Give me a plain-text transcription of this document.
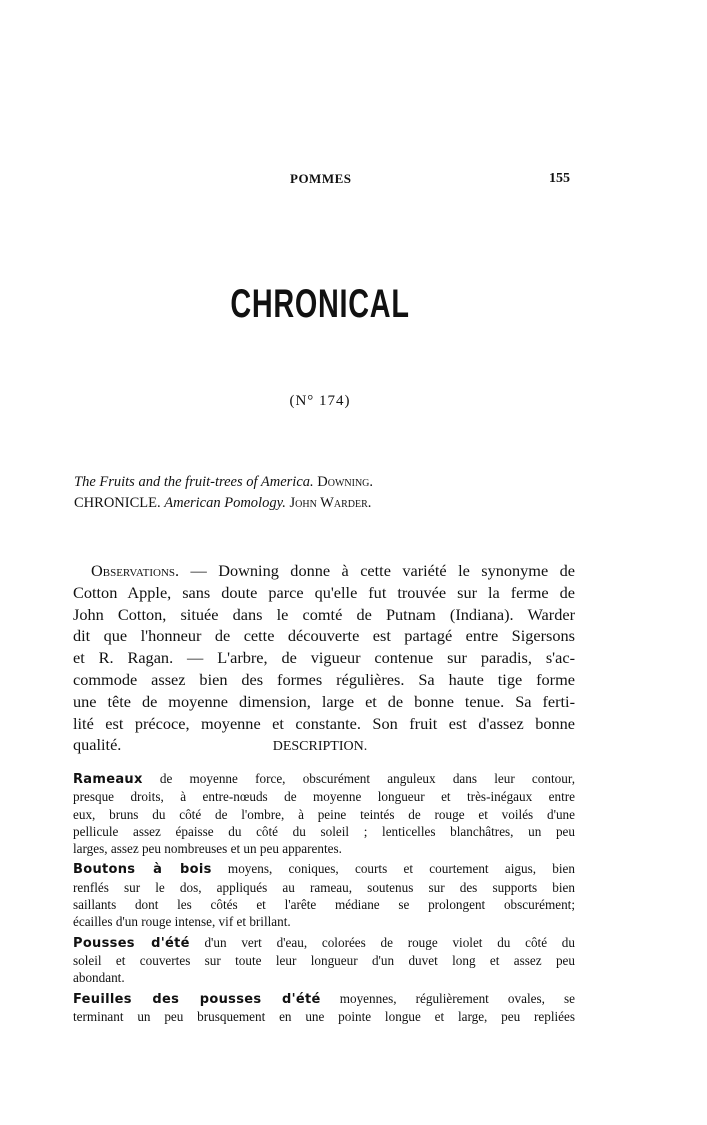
POMMES	155
CHRONICAL
(N° 174)
The Fruits and the fruit-trees of America. Downing.
CHRONICLE. American Pomology. John Warder.
Observations. — Downing donne à cette variété le synonyme de
Cotton Apple, sans doute parce qu'elle fut trouvée sur la ferme de
John Cotton, située dans le comté de Putnam (Indiana). Warder
dit que l'honneur de cette découverte est partagé entre Sigersons
et R. Ragan. — L'arbre, de vigueur contenue sur paradis, s'ac-
commode assez bien des formes régulières. Sa haute tige forme
une tête de moyenne dimension, large et de bonne tenue. Sa ferti-
lité est précoce, moyenne et constante. Son fruit est d'assez bonne
qualité.	DESCRIPTION.
Rameaux de moyenne force, obscurément anguleux dans leur contour,
presque droits, à entre-nœuds de moyenne longueur et très-inégaux entre
eux, bruns du côté de l'ombre, à peine teintés de rouge et voilés d'une
pellicule assez épaisse du côté du soleil ; lenticelles blanchâtres, un peu
larges, assez peu nombreuses et un peu apparentes.
Boutons à bois moyens, coniques, courts et courtement aigus, bien
renflés sur le dos, appliqués au rameau, soutenus sur des supports bien
saillants dont les côtés et l'arête médiane se prolongent obscurément;
écailles d'un rouge intense, vif et brillant.
Pousses d'été d'un vert d'eau, colorées de rouge violet du côté du
soleil et couvertes sur toute leur longueur d'un duvet long et assez peu
abondant.
Feuilles des pousses d'été moyennes, régulièrement ovales, se
terminant un peu brusquement en une pointe longue et large, peu repliées
